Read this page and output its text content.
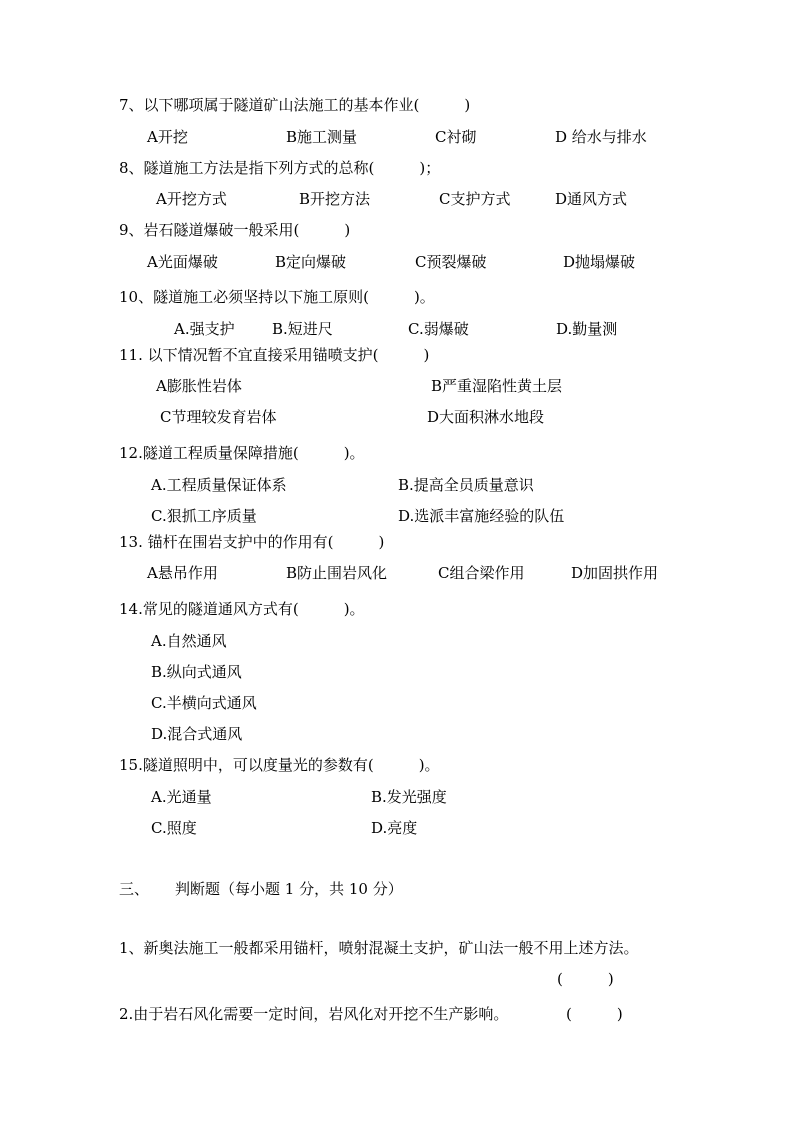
7、以下哪项属于隧道矿山法施工的基本作业(　　　)
A开挖	B施工测量	C衬砌	D 给水与排水
8、隧道施工方法是指下列方式的总称(　　　)；
A开挖方式	B开挖方法	C支护方式	D通风方式
9、岩石隧道爆破一般采用(　　　)
A光面爆破	B定向爆破	C预裂爆破	D抛塌爆破
10、隧道施工必须坚持以下施工原则(　　　)。
A.强支护 B.短进尺	C.弱爆破	D.勤量测
11. 以下情况暂不宜直接采用锚喷支护(　　　)
A膨胀性岩体	B严重湿陷性黄土层
C节理较发育岩体	D大面积淋水地段
12.隧道工程质量保障措施(　　　)。
A.工程质量保证体系	B.提高全员质量意识
C.狠抓工序质量	D.选派丰富施经验的队伍
13. 锚杆在围岩支护中的作用有(　　　)
A悬吊作用	B防止围岩风化	C组合梁作用	D加固拱作用
14.常见的隧道通风方式有(　　　)。
A.自然通风
B.纵向式通风
C.半横向式通风
D.混合式通风
15.隧道照明中，可以度量光的参数有(　　　)。
A.光通量	B.发光强度
C.照度	D.亮度
三、 判断题（每小题 1 分，共 10 分）
1、新奥法施工一般都采用锚杆，喷射混凝土支护，矿山法一般不用上述方法。
(　　　)
2.由于岩石风化需要一定时间，岩风化对开挖不生产影响。	(　　　)
